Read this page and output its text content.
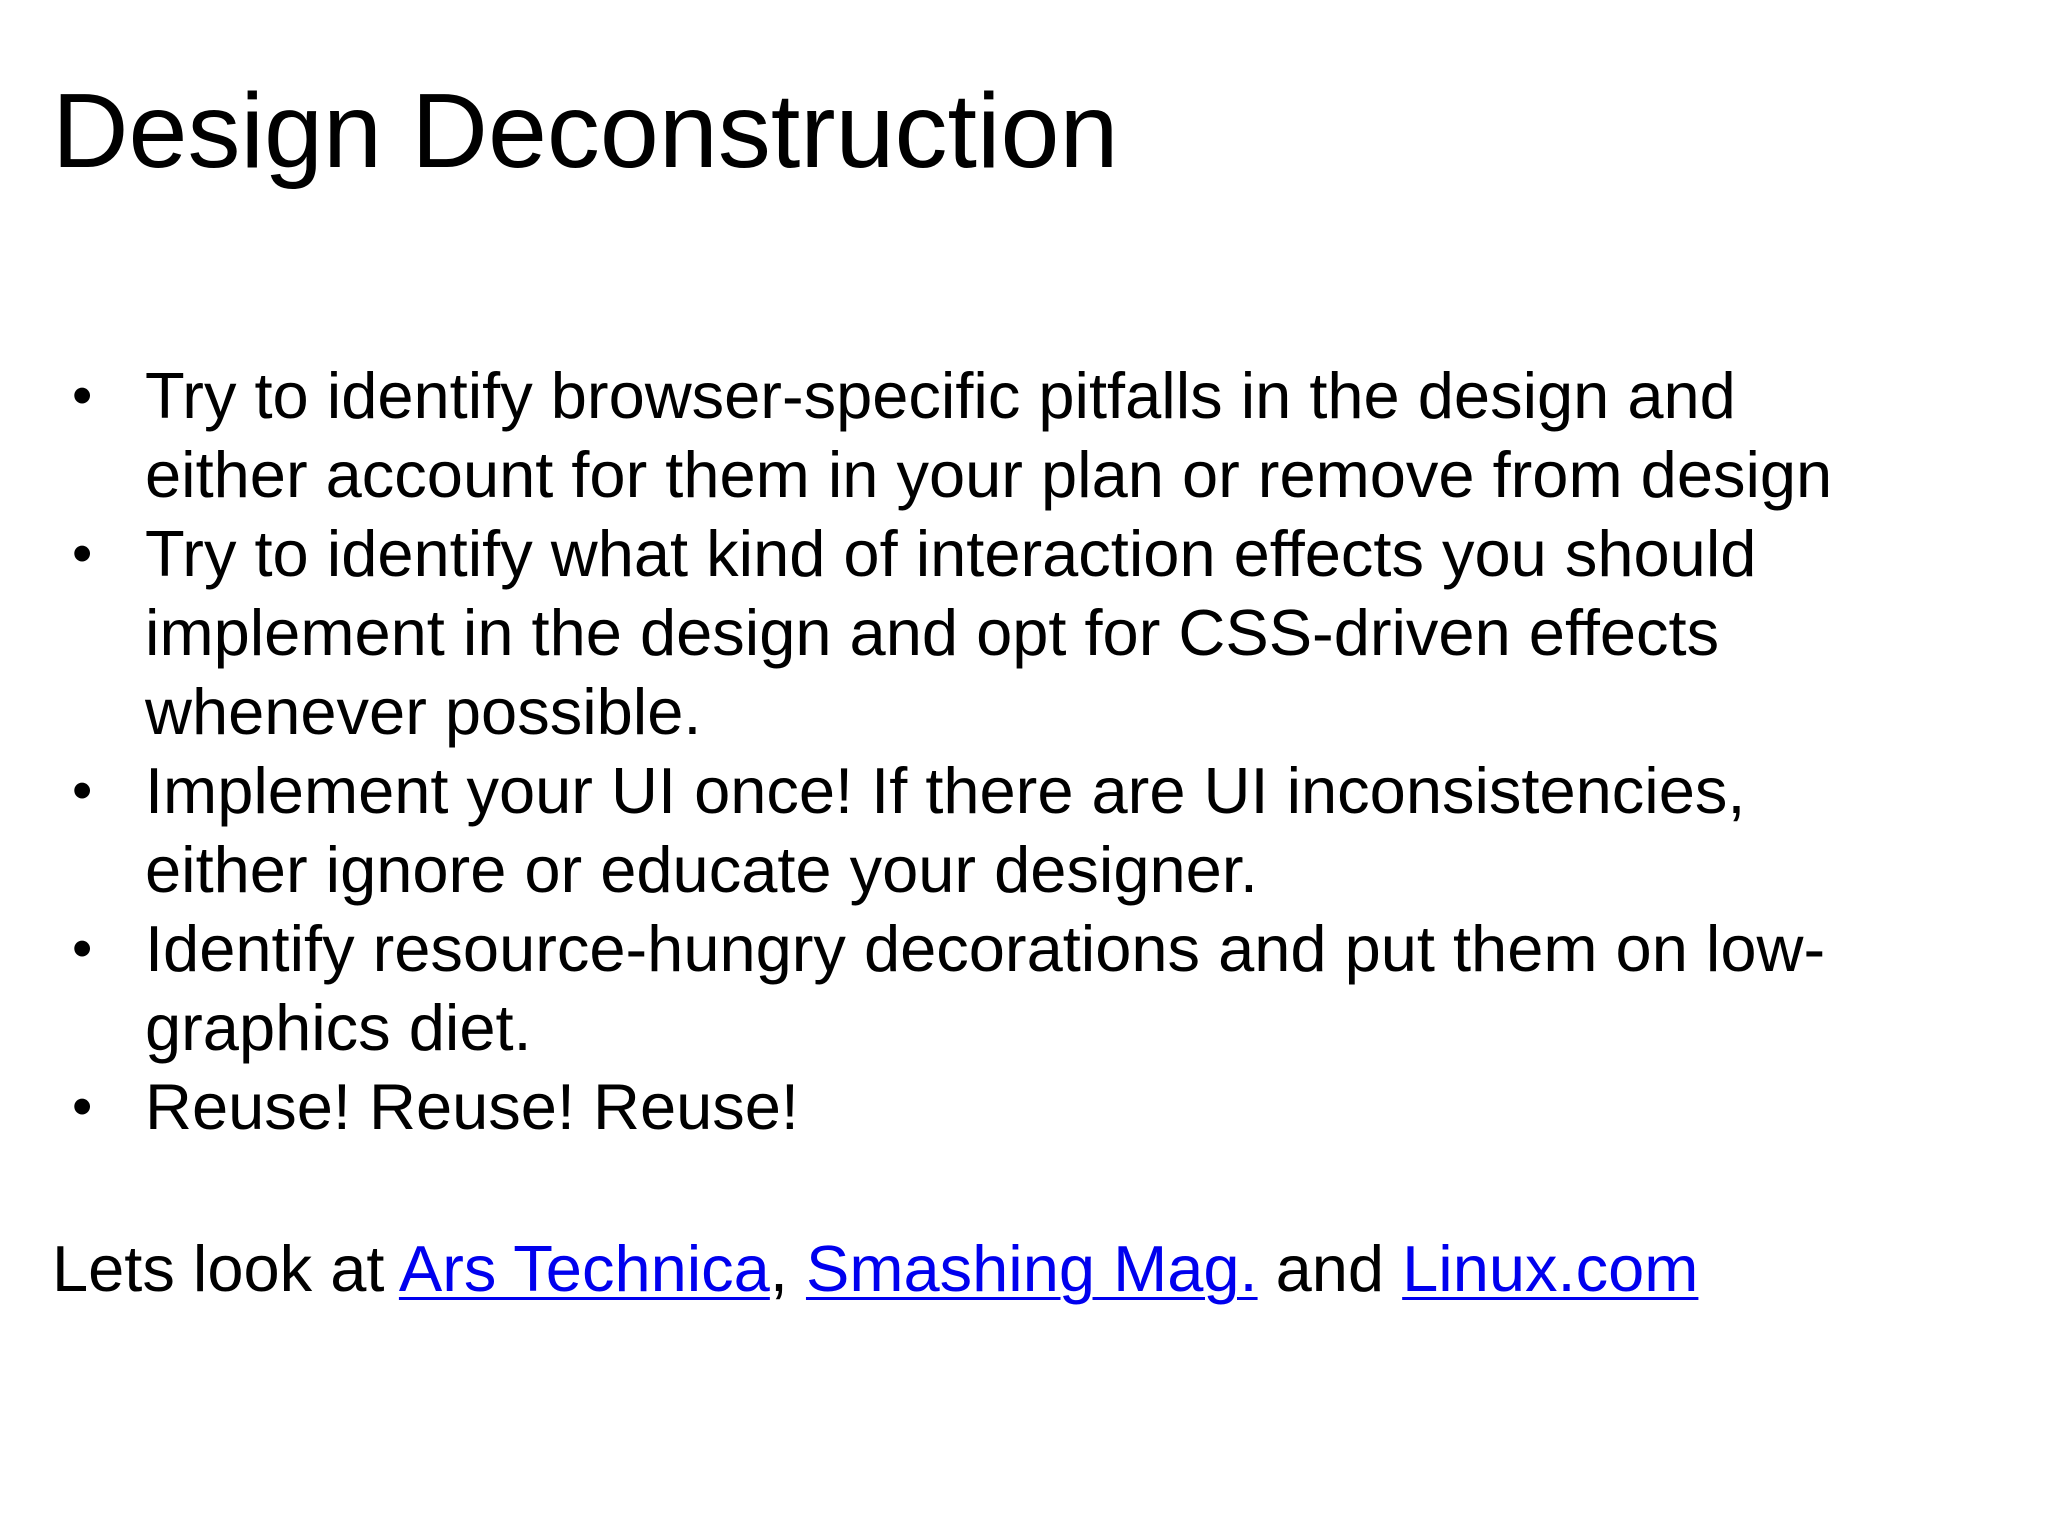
Design Deconstruction
• Try to identify browser-specific pitfalls in the design and
either account for them in your plan or remove from design
• Try to identify what kind of interaction effects you should
implement in the design and opt for CSS-driven effects
whenever possible.
• Implement your UI once! If there are UI inconsistencies,
either ignore or educate your designer.
• Identify resource-hungry decorations and put them on low-
graphics diet.
• Reuse! Reuse! Reuse!

Lets look at Ars Technica, Smashing Mag. and Linux.com
